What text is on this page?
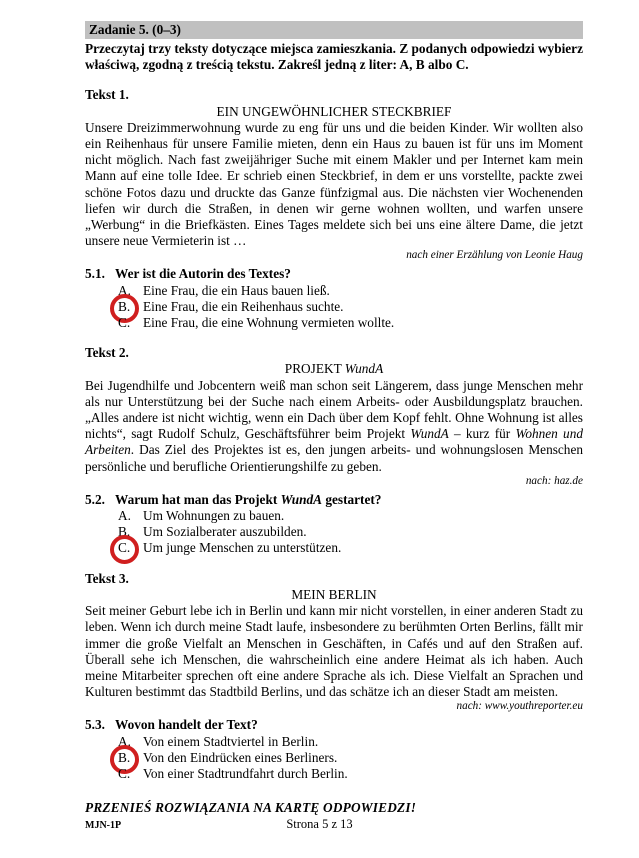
Zadanie 5. (0–3)

Przeczytaj trzy teksty dotyczące miejsca zamieszkania. Z podanych odpowiedzi wybierz właściwą, zgodną z treścią tekstu. Zakreśl jedną z liter: A, B albo C.

Tekst 1.

EIN UNGEWÖHNLICHER STECKBRIEF

Unsere Dreizimmerwohnung wurde zu eng für uns und die beiden Kinder. Wir wollten also ein Reihenhaus für unsere Familie mieten, denn ein Haus zu bauen ist für uns im Moment nicht möglich. Nach fast zweijähriger Suche mit einem Makler und per Internet kam mein Mann auf eine tolle Idee. Er schrieb einen Steckbrief, in dem er uns vorstellte, packte zwei schöne Fotos dazu und druckte das Ganze fünfzigmal aus. Die nächsten vier Wochenenden liefen wir durch die Straßen, in denen wir gerne wohnen wollten, und warfen unsere „Werbung“ in die Briefkästen. Eines Tages meldete sich bei uns eine ältere Dame, die jetzt unsere neue Vermieterin ist …

nach einer Erzählung von Leonie Haug

5.1. Wer ist die Autorin des Textes?

A. Eine Frau, die ein Haus bauen ließ.
B. Eine Frau, die ein Reihenhaus suchte.
C. Eine Frau, die eine Wohnung vermieten wollte.

Tekst 2.

PROJEKT WundA

Bei Jugendhilfe und Jobcentern weiß man schon seit Längerem, dass junge Menschen mehr als nur Unterstützung bei der Suche nach einem Arbeits- oder Ausbildungsplatz brauchen. „Alles andere ist nicht wichtig, wenn ein Dach über dem Kopf fehlt. Ohne Wohnung ist alles nichts“, sagt Rudolf Schulz, Geschäftsführer beim Projekt WundA – kurz für Wohnen und Arbeiten. Das Ziel des Projektes ist es, den jungen arbeits- und wohnungslosen Menschen persönliche und berufliche Orientierungshilfe zu geben.

nach: haz.de

5.2. Warum hat man das Projekt WundA gestartet?

A. Um Wohnungen zu bauen.
B. Um Sozialberater auszubilden.
C. Um junge Menschen zu unterstützen.

Tekst 3.

MEIN BERLIN

Seit meiner Geburt lebe ich in Berlin und kann mir nicht vorstellen, in einer anderen Stadt zu leben. Wenn ich durch meine Stadt laufe, insbesondere zu berühmten Orten Berlins, fällt mir immer die große Vielfalt an Menschen in Geschäften, in Cafés und auf den Straßen auf. Überall sehe ich Menschen, die wahrscheinlich eine andere Heimat als ich haben. Auch meine Mitarbeiter sprechen oft eine andere Sprache als ich. Diese Vielfalt an Sprachen und Kulturen bestimmt das Stadtbild Berlins, und das schätze ich an dieser Stadt am meisten.

nach: www.youthreporter.eu

5.3. Wovon handelt der Text?

A. Von einem Stadtviertel in Berlin.
B. Von den Eindrücken eines Berliners.
C. Von einer Stadtrundfahrt durch Berlin.

PRZENIEŚ ROZWIĄZANIA NA KARTĘ ODPOWIEDZI!

MJN-1P	Strona 5 z 13
